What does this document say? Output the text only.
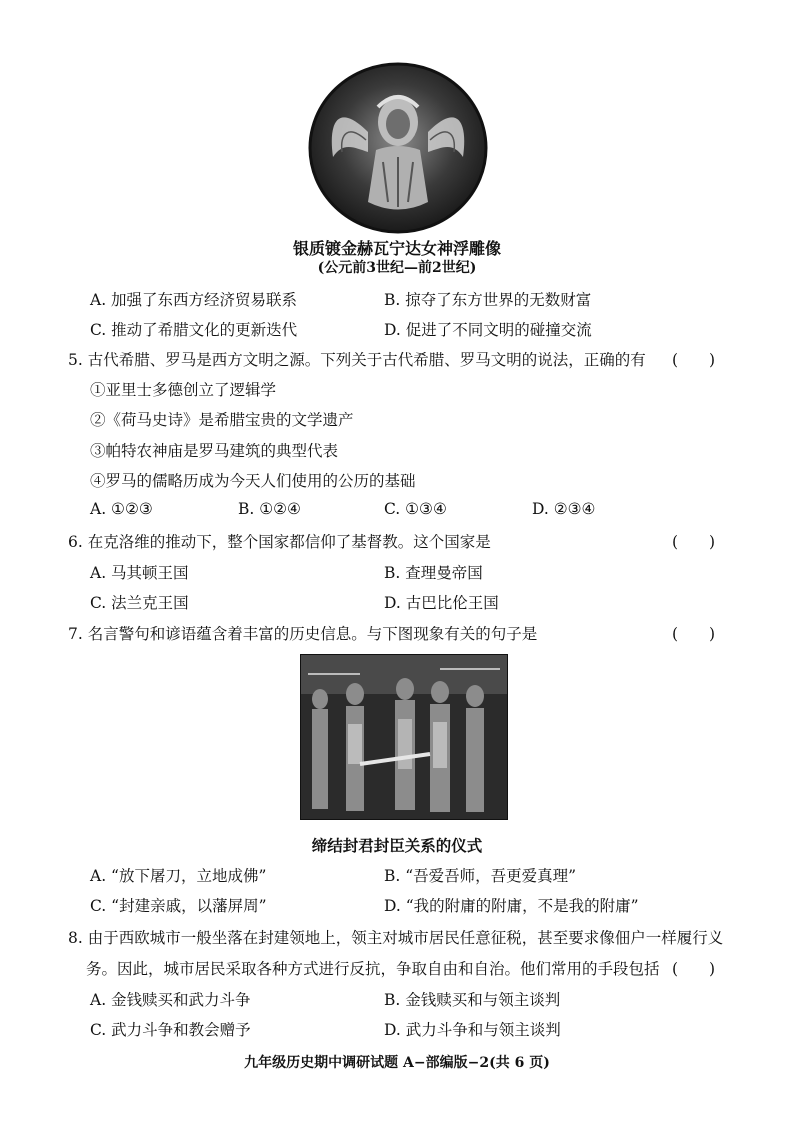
银质镀金赫瓦宁达女神浮雕像
(公元前3世纪—前2世纪)
A. 加强了东西方经济贸易联系	B. 掠夺了东方世界的无数财富
C. 推动了希腊文化的更新迭代	D. 促进了不同文明的碰撞交流
5. 古代希腊、罗马是西方文明之源。下列关于古代希腊、罗马文明的说法，正确的有 (　　)
①亚里士多德创立了逻辑学
②《荷马史诗》是希腊宝贵的文学遗产
③帕特农神庙是罗马建筑的典型代表
④罗马的儒略历成为今天人们使用的公历的基础
A. ①②③	B. ①②④	C. ①③④	D. ②③④
6. 在克洛维的推动下，整个国家都信仰了基督教。这个国家是	(　　)
A. 马其顿王国	B. 查理曼帝国
C. 法兰克王国	D. 古巴比伦王国
7. 名言警句和谚语蕴含着丰富的历史信息。与下图现象有关的句子是	(　　)
缔结封君封臣关系的仪式
A. “放下屠刀，立地成佛”	B. “吾爱吾师，吾更爱真理”
C. “封建亲戚，以藩屏周”	D. “我的附庸的附庸，不是我的附庸”
8. 由于西欧城市一般坐落在封建领地上，领主对城市居民任意征税，甚至要求像佃户一样履行义
务。因此，城市居民采取各种方式进行反抗，争取自由和自治。他们常用的手段包括 (　　)
A. 金钱赎买和武力斗争	B. 金钱赎买和与领主谈判
C. 武力斗争和教会赠予	D. 武力斗争和与领主谈判
九年级历史期中调研试题 A−部编版−2(共 6 页)
